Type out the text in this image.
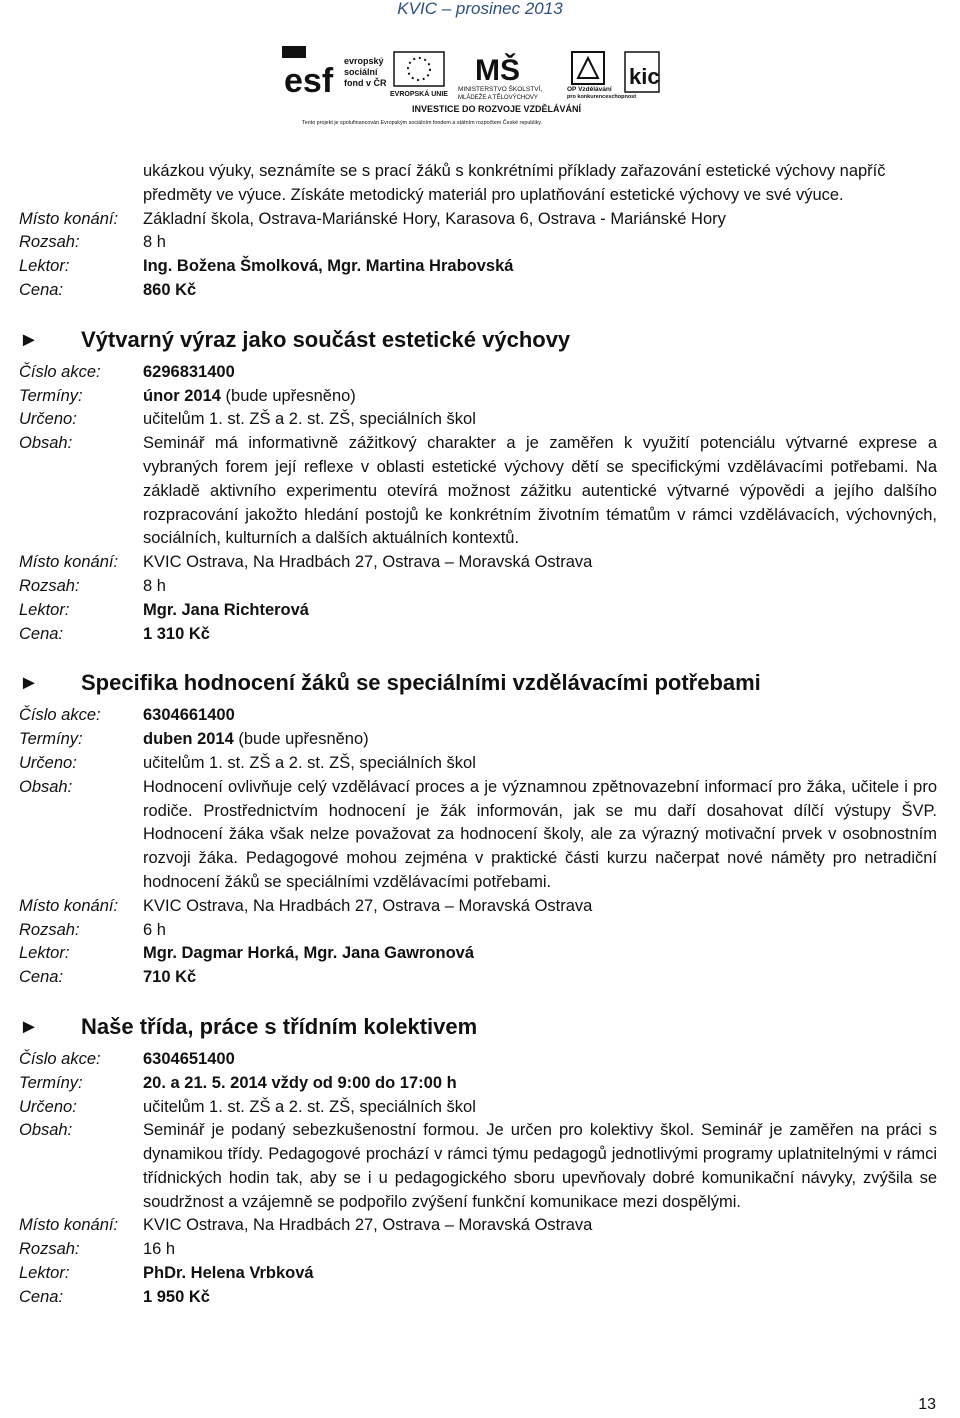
KVIC – prosinec 2013
esf
evropský
sociální
fond v ČR
EVROPSKÁ UNIE
MŠ
MINISTERSTVO ŠKOLSTVÍ,
MLÁDEŽE A TĚLOVÝCHOVY
OP Vzdělávání
pro konkurenceschopnost
kic
INVESTICE DO ROZVOJE VZDĚLÁVÁNÍ
Tento projekt je spolufinancován Evropským sociálním fondem a státním rozpočtem České republiky.
ukázkou výuky, seznámíte se s prací žáků s konkrétními příklady zařazování estetické výchovy napříč
předměty ve výuce. Získáte metodický materiál pro uplatňování estetické výchovy ve své výuce.
Místo konání:	Základní škola, Ostrava-Mariánské Hory, Karasova 6, Ostrava - Mariánské Hory
Rozsah:	8 h
Lektor:	Ing. Božena Šmolková, Mgr. Martina Hrabovská
Cena:	860 Kč
►	Výtvarný výraz jako součást estetické výchovy
Číslo akce:	6296831400
Termíny:	únor 2014 (bude upřesněno)
Určeno:	učitelům 1. st. ZŠ a 2. st. ZŠ, speciálních škol
Obsah:	Seminář má informativně zážitkový charakter a je zaměřen k využití potenciálu výtvarné exprese a vybraných forem její reflexe v oblasti estetické výchovy dětí se specifickými vzdělávacími potřebami. Na základě aktivního experimentu otevírá možnost zážitku autentické výtvarné výpovědi a jejího dalšího rozpracování jakožto hledání postojů ke konkrétním životním tématům v rámci vzdělávacích, výchovných, sociálních, kulturních a dalších aktuálních kontextů.
Místo konání:	KVIC Ostrava, Na Hradbách 27, Ostrava – Moravská Ostrava
Rozsah:	8 h
Lektor:	Mgr. Jana Richterová
Cena:	1 310 Kč
►	Specifika hodnocení žáků se speciálními vzdělávacími potřebami
Číslo akce:	6304661400
Termíny:	duben 2014 (bude upřesněno)
Určeno:	učitelům 1. st. ZŠ a 2. st. ZŠ, speciálních škol
Obsah:	Hodnocení ovlivňuje celý vzdělávací proces a je významnou zpětnovazební informací pro žáka, učitele i pro rodiče. Prostřednictvím hodnocení je žák informován, jak se mu daří dosahovat dílčí výstupy ŠVP. Hodnocení žáka však nelze považovat za hodnocení školy, ale za výrazný motivační prvek v osobnostním rozvoji žáka. Pedagogové mohou zejména v praktické části kurzu načerpat nové náměty pro netradiční hodnocení žáků se speciálními vzdělávacími potřebami.
Místo konání:	KVIC Ostrava, Na Hradbách 27, Ostrava – Moravská Ostrava
Rozsah:	6 h
Lektor:	Mgr. Dagmar Horká, Mgr. Jana Gawronová
Cena:	710 Kč
►	Naše třída, práce s třídním kolektivem
Číslo akce:	6304651400
Termíny:	20. a 21. 5. 2014 vždy od 9:00 do 17:00 h
Určeno:	učitelům 1. st. ZŠ a 2. st. ZŠ, speciálních škol
Obsah:	Seminář je podaný sebezkušenostní formou. Je určen pro kolektivy škol. Seminář je zaměřen na práci s dynamikou třídy. Pedagogové prochází v rámci týmu pedagogů jednotlivými programy uplatnitelnými v rámci třídnických hodin tak, aby se i u pedagogického sboru upevňovaly dobré komunikační návyky, zvýšila se soudržnost a vzájemně se podpořilo zvýšení funkční komunikace mezi dospělými.
Místo konání:	KVIC Ostrava, Na Hradbách 27, Ostrava – Moravská Ostrava
Rozsah:	16 h
Lektor:	PhDr. Helena Vrbková
Cena:	1 950 Kč
13
